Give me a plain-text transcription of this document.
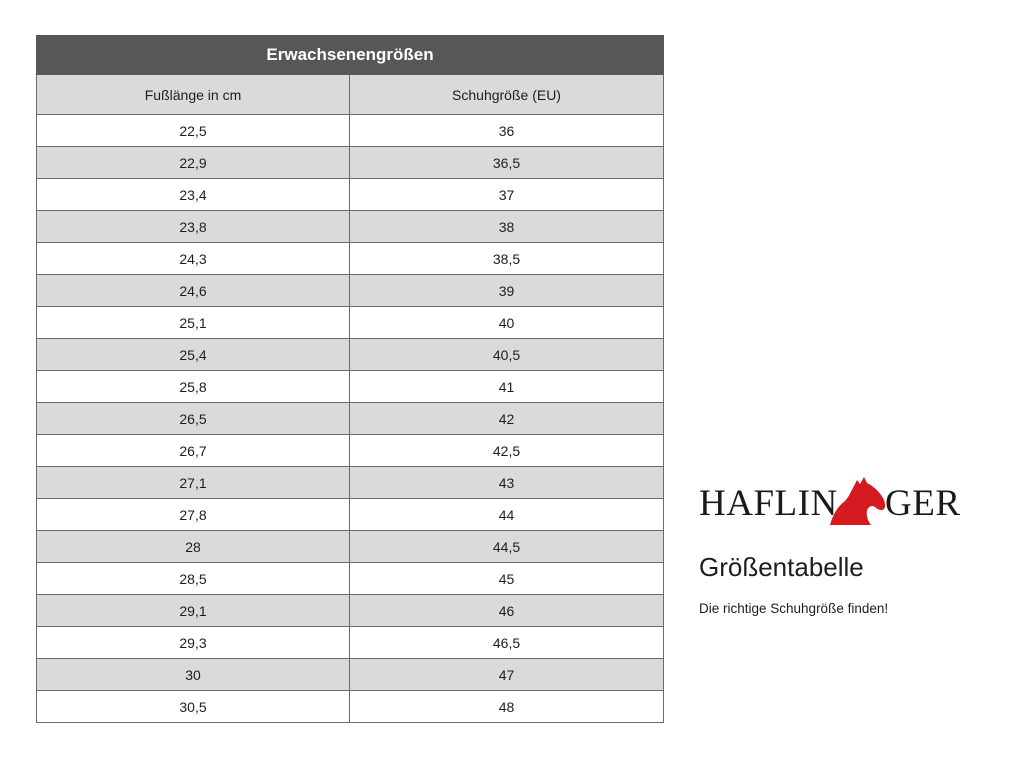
Erwachsenengrößen	
Fußlänge in cm	Schuhgröße (EU)
22,5	36
22,9	36,5
23,4	37
23,8	38
24,3	38,5
24,6	39
25,1	40
25,4	40,5
25,8	41
26,5	42
26,7	42,5
27,1	43
27,8	44
28	44,5
28,5	45
29,1	46
29,3	46,5
30	47
30,5	48
HAFLIN GER
Größentabelle
Die richtige Schuhgröße finden!
